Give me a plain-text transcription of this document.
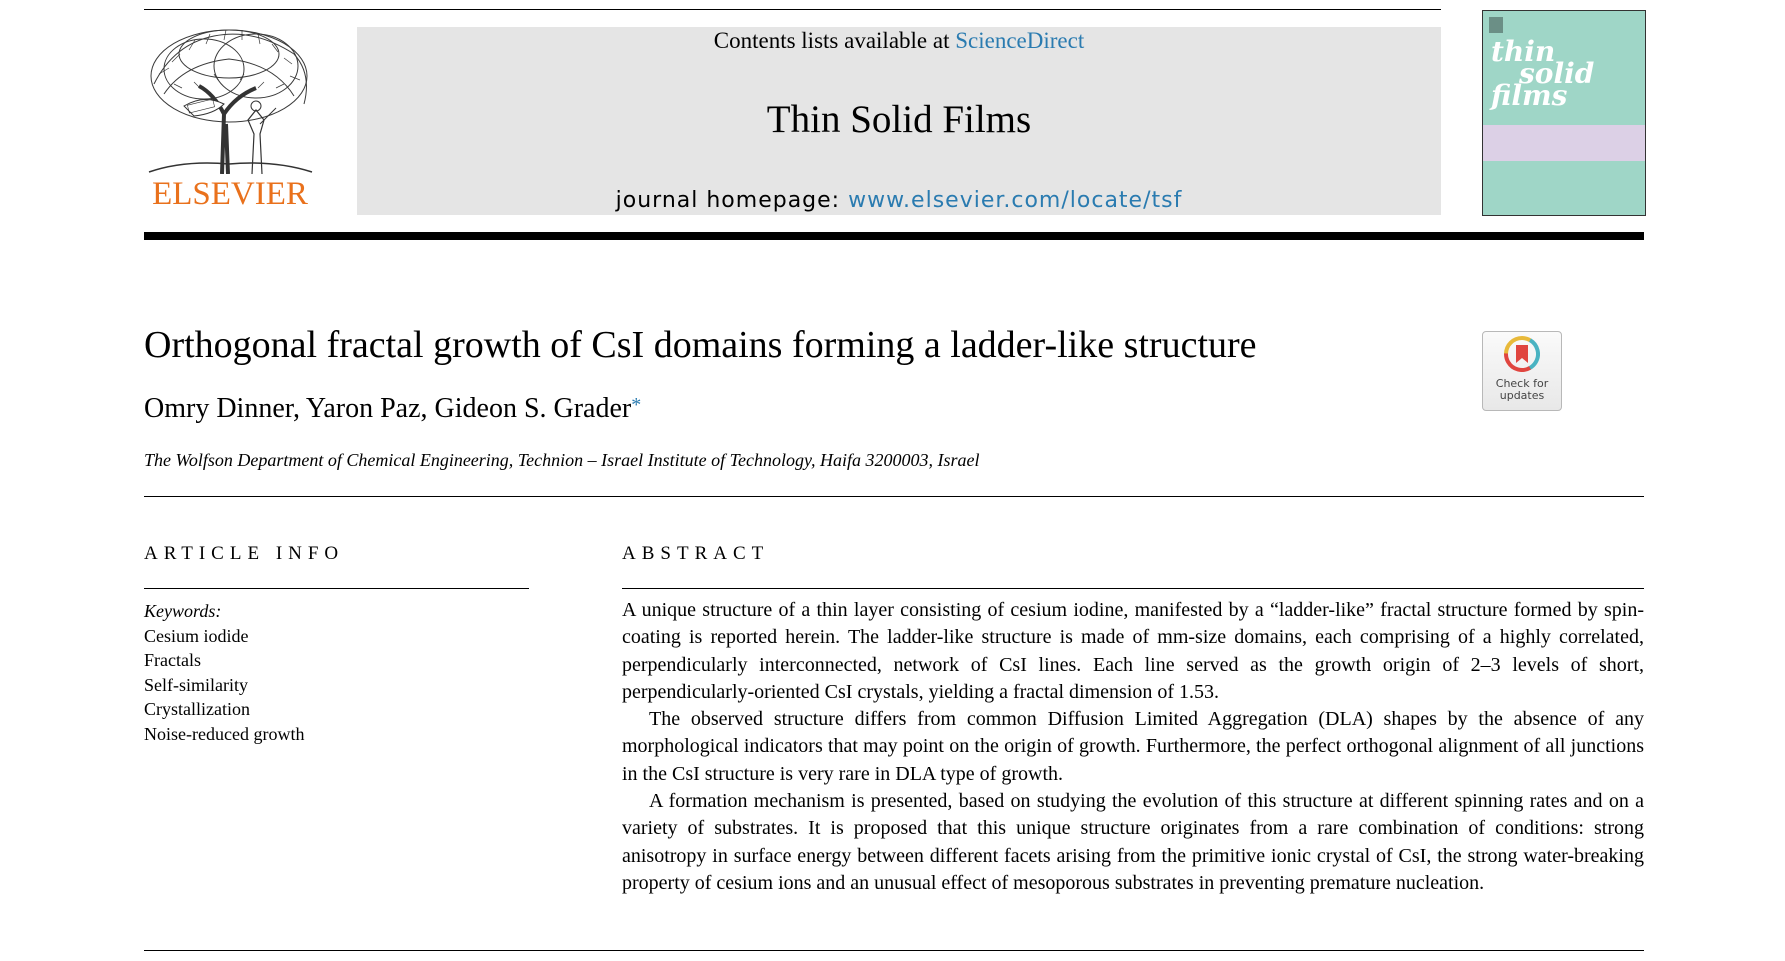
ELSEVIER
Contents lists available at ScienceDirect
Thin Solid Films
journal homepage: www.elsevier.com/locate/tsf
thin
solid
films
Orthogonal fractal growth of CsI domains forming a ladder-like structure
Check for
updates
Omry Dinner, Yaron Paz, Gideon S. Grader*
The Wolfson Department of Chemical Engineering, Technion – Israel Institute of Technology, Haifa 3200003, Israel
ARTICLE INFO	ABSTRACT
Keywords:
Cesium iodide
Fractals
Self-similarity
Crystallization
Noise-reduced growth

A unique structure of a thin layer consisting of cesium iodine, manifested by a “ladder-like” fractal structure formed by spin-coating is reported herein. The ladder-like structure is made of mm-size domains, each comprising of a highly correlated, perpendicularly interconnected, network of CsI lines. Each line served as the growth origin of 2–3 levels of short, perpendicularly-oriented CsI crystals, yielding a fractal dimension of 1.53.

The observed structure differs from common Diffusion Limited Aggregation (DLA) shapes by the absence of any morphological indicators that may point on the origin of growth. Furthermore, the perfect orthogonal alignment of all junctions in the CsI structure is very rare in DLA type of growth.

A formation mechanism is presented, based on studying the evolution of this structure at different spinning rates and on a variety of substrates. It is proposed that this unique structure originates from a rare combination of conditions: strong anisotropy in surface energy between different facets arising from the primitive ionic crystal of CsI, the strong water-breaking property of cesium ions and an unusual effect of mesoporous substrates in preventing premature nucleation.
